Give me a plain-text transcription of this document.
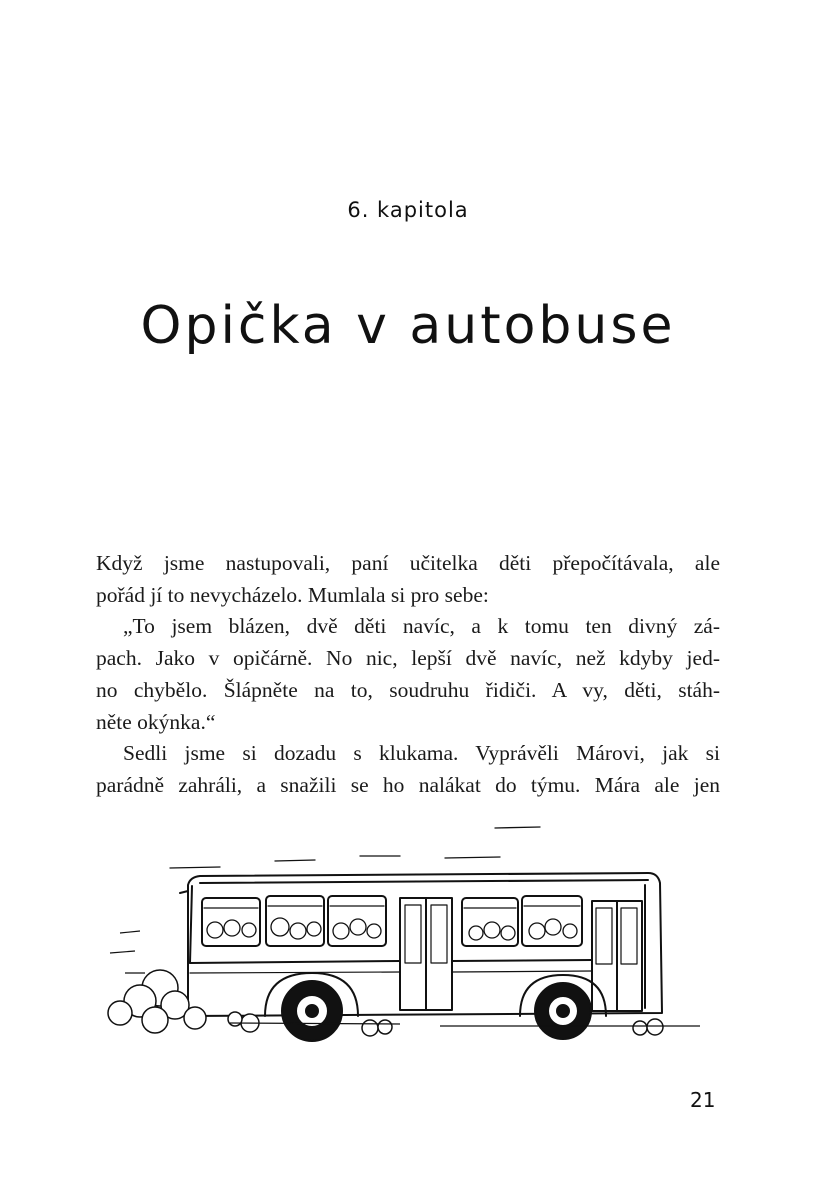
6. kapitola
Opička v autobuse
Když jsme nastupovali, paní učitelka děti přepočítávala, ale
pořád jí to nevycházelo. Mumlala si pro sebe:
„To jsem blázen, dvě děti navíc, a k tomu ten divný zá-
pach. Jako v opičárně. No nic, lepší dvě navíc, než kdyby jed-
no chybělo. Šlápněte na to, soudruhu řidiči. A vy, děti, stáh-
něte okýnka.“
Sedli jsme si dozadu s klukama. Vyprávěli Márovi, jak si
parádně zahráli, a snažili se ho nalákat do týmu. Mára ale jen
21
